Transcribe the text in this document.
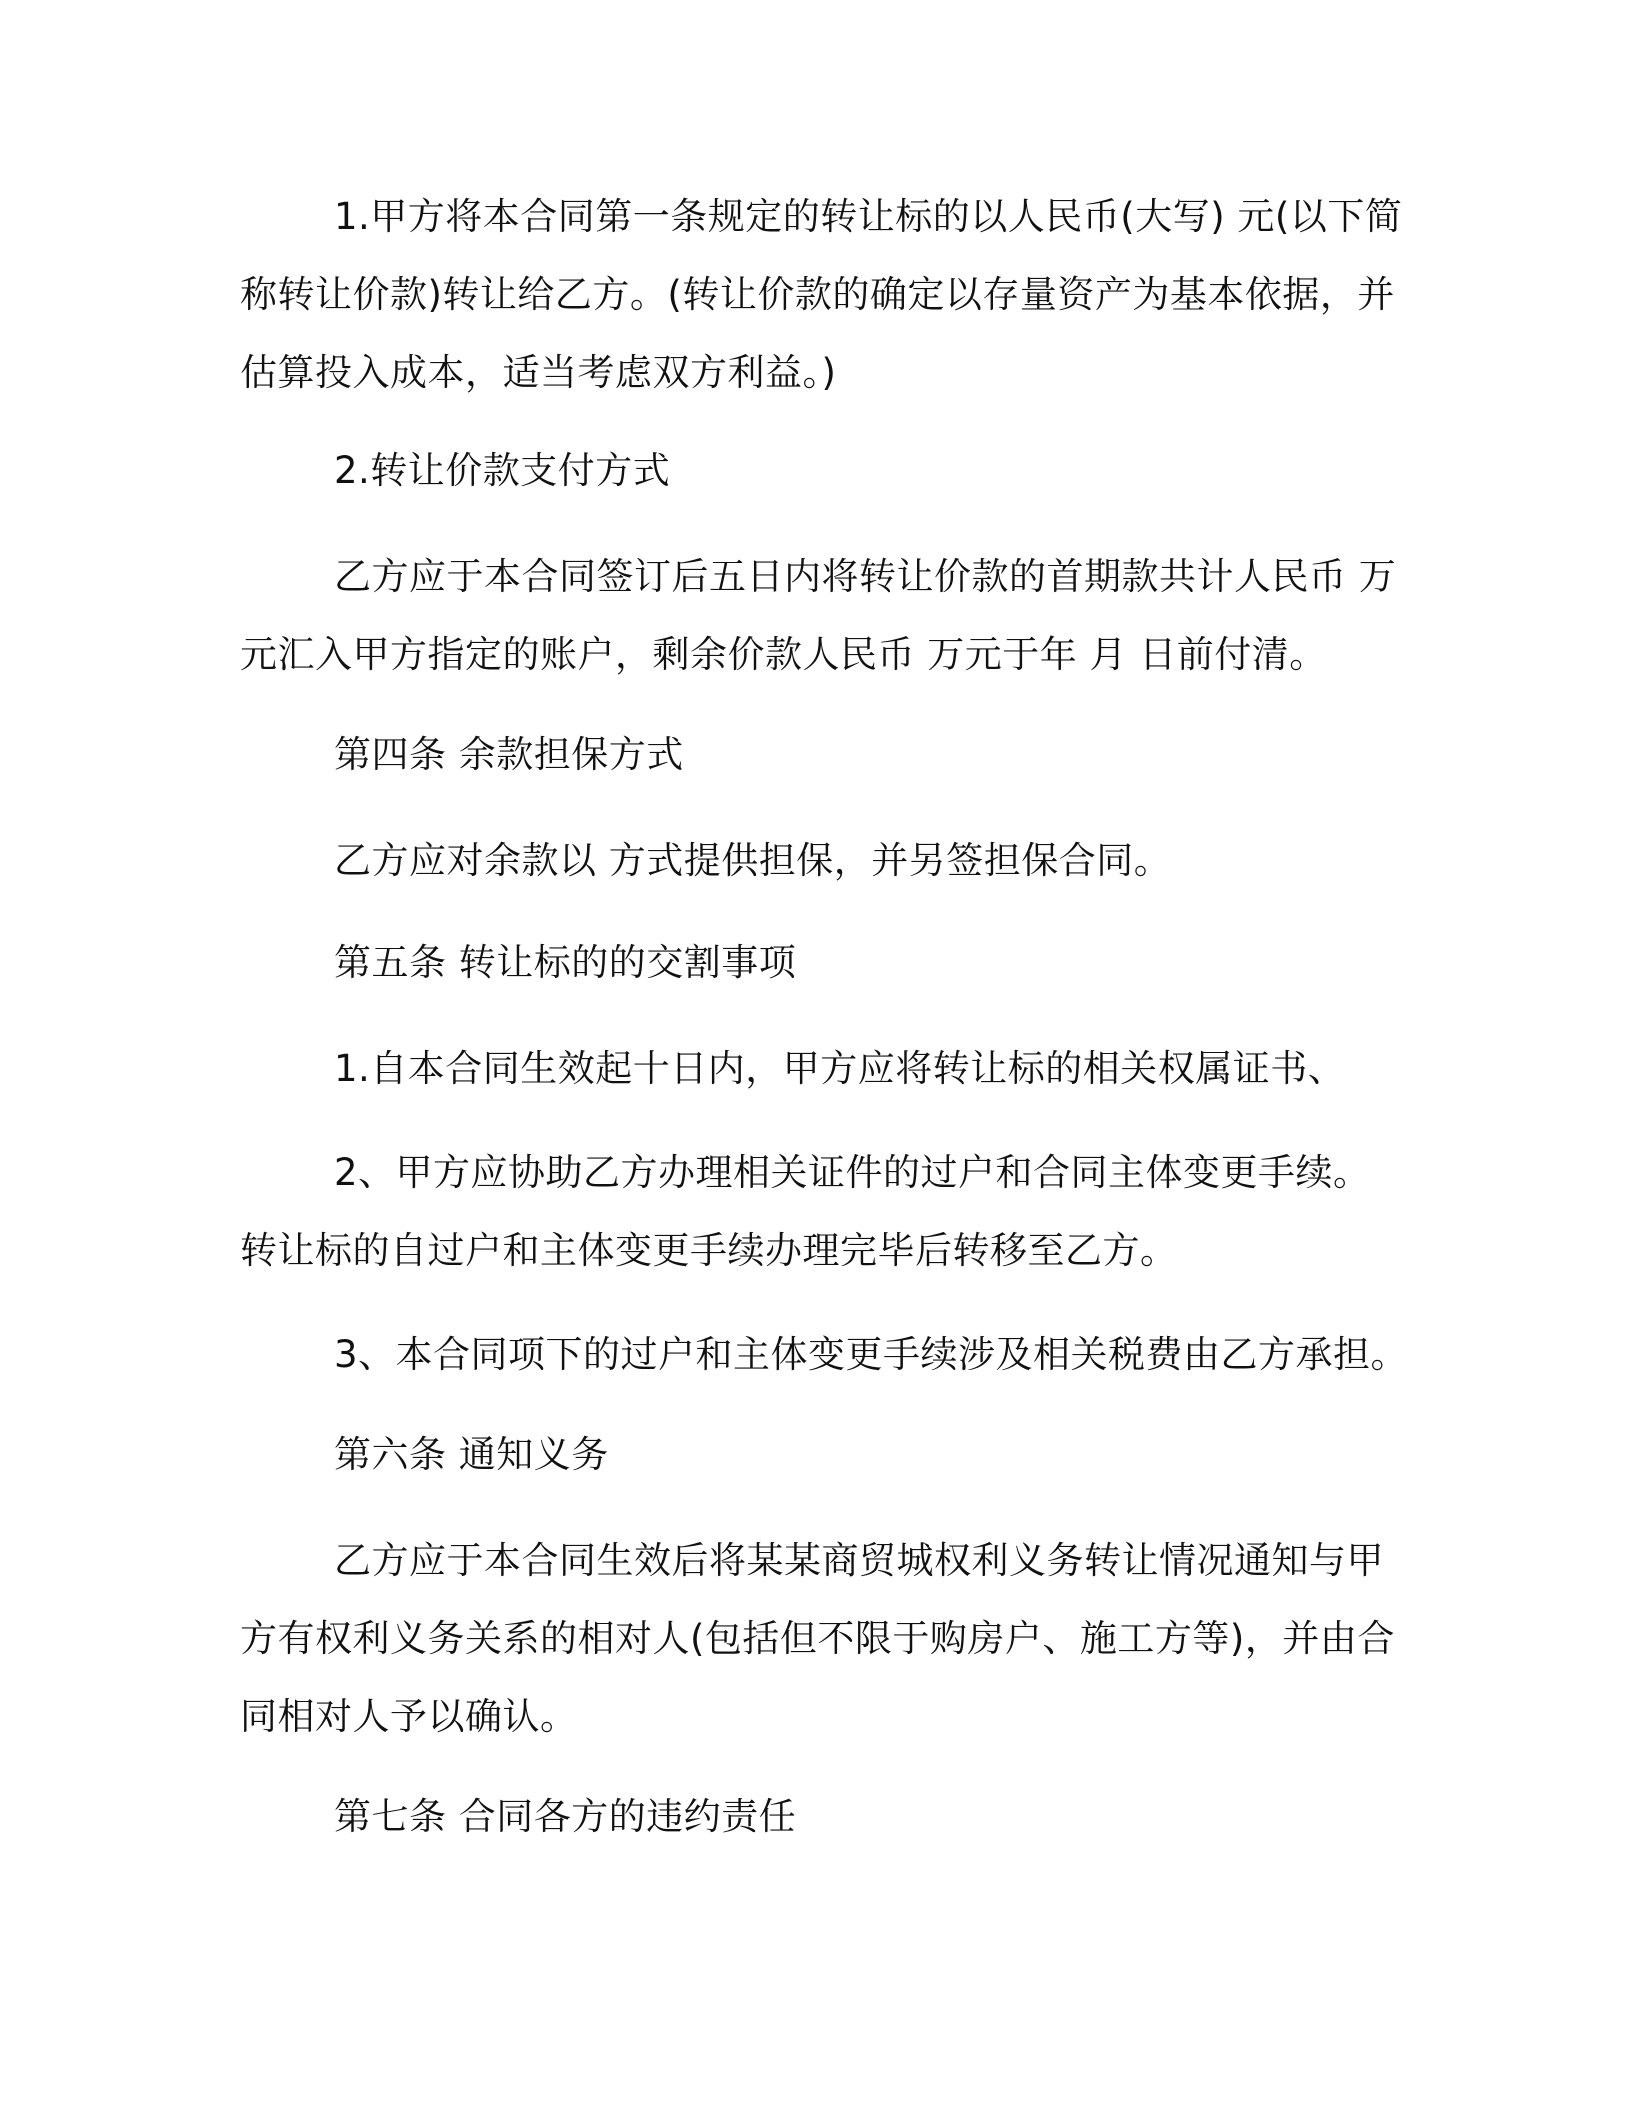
1.甲方将本合同第一条规定的转让标的以人民币(大写) 元(以下简
称转让价款)转让给乙方。(转让价款的确定以存量资产为基本依据，并
估算投入成本，适当考虑双方利益。)
2.转让价款支付方式
乙方应于本合同签订后五日内将转让价款的首期款共计人民币 万
元汇入甲方指定的账户，剩余价款人民币 万元于年 月 日前付清。
第四条 余款担保方式
乙方应对余款以 方式提供担保，并另签担保合同。
第五条 转让标的的交割事项
1.自本合同生效起十日内，甲方应将转让标的相关权属证书、
2、甲方应协助乙方办理相关证件的过户和合同主体变更手续。
转让标的自过户和主体变更手续办理完毕后转移至乙方。
3、本合同项下的过户和主体变更手续涉及相关税费由乙方承担。
第六条 通知义务
乙方应于本合同生效后将某某商贸城权利义务转让情况通知与甲
方有权利义务关系的相对人(包括但不限于购房户、施工方等)，并由合
同相对人予以确认。
第七条 合同各方的违约责任
